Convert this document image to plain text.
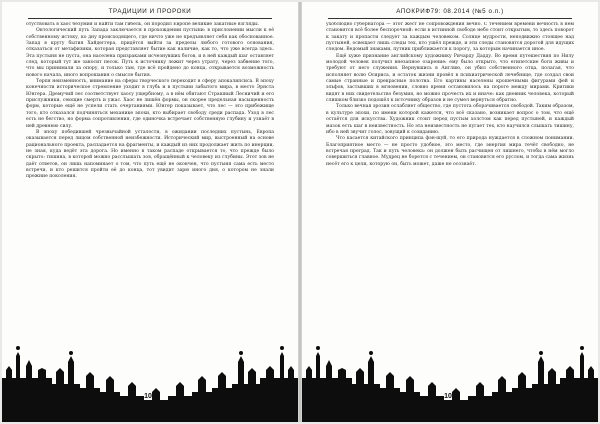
ТРАДИЦИИ И ПРОРОКИ

отуствовать в хаос безумия и найти там гибель, он породил Европе великие закатные взгляды.

Онтологический путь Запада заключается в прохождении пустыни: в прислонении мысли к её собственному истоку, ко дну происходящего, где ничто уже не предъявляет себя как обоснованное. Запад в кругу бытия Хайдеггера, придётся выйти за пределы любого готового основания, отказаться от метафизики, которая представляет бытие как наличие, как то, что уже всегда здесь. Эта пустыня не пуста, она населена призраками исчезнувших богов, и в ней каждый шаг оставляет след, который тут же заносит песок. Путь к источнику лежит через утрату, через забвение того, что мы принимали за опору, и только там, где всё пройдено до конца, открывается возможность нового начала, иного вопрошания о смысле бытия.

Терпя неизменность, внимание на сферы творческого переходит в сферу апокалипсиса. В эпоху конечности историческое стремление уходит в глубь и в пустыни забытого мира, в место Эрнста Юнгера. Дремучий лес соответствует хаосу ущербному, а в нём обитают Страшный Лесничий и его прислужники, сеющие смерть и ужас. Хаос не лишён формы, он скорее предельная насыщенность форм, которые ещё не успели стать очертаниями. Юнгер показывает, что лес — это прибежище того, кто отказался подчиняться механике эпохи, кто выбирает свободу среди распада. Уход в лес есть не бегство, но форма сопротивления, где одиночка встречает собственную глубину и узнаёт в ней древнюю силу.

В эпоху победившей чрезвычайной усталости, в ожидании последних пустынь, Европа оказывается перед лицом собственной неизбежности. Исторический мир, выстроенный на основе рационального проекта, распадается на фрагменты, и каждый из них продолжает жить по инерции, не зная, куда ведёт эта дорога. Но именно в таком распаде открывается то, что прежде было скрыто: тишина, в которой можно расслышать зов, обращённый к человеку из глубины. Этот зов не даёт ответов, он лишь напоминает о том, что путь ещё не окончен, что пустыня сама есть место встречи, и кто решится пройти её до конца, тот увидит зарю иного дня, о котором не знали прежние поколения.

106
АПОКРИФ79: 08.2014 (№5 о.п.)

ухоблюдно губернатора — этот жест не сопровождения вечно. С течением времени вечность в нем становится всё более беспорочной: если в истинной свободе небо стоит открытым, то здесь поворот к закату и пропасти следует за каждым человеком. Солнце мудрости, неподвижно стоящее над пустыней, освещает лишь следы тех, кто ушёл прежде, и эти следы становятся дорогой для идущих следом. Ведомый знаками, путник приближается к порогу, за которым начинается иное.

Ещё хуже признание английскому художнику Ричарду Дадду. Во время путешествия по Нилу молодой человек получил внезапное озарение: ему было открыто, что египетские боги живы и требуют от него служения. Вернувшись в Англию, он убил собственного отца, полагая, что исполняет волю Осириса, и остаток жизни провёл в психиатрической лечебнице, где создал свои самые странные и прекрасные полотна. Его картины населены крошечными фигурами фей и эльфов, застывших в мгновении, словно время остановилось на пороге между мирами. Критики видят в них свидетельство безумия, но можно прочесть их и иначе: как дневник человека, который слишком близко подошёл к источнику образов и не сумел вернуться обратно.

Только вечная эрозия ослабляет общество, где пустота оборачивается свободой. Таким образом, в культуре эпохи, по имени которой кажется, что всё сказано, возникает вопрос о том, что ещё остаётся для искусства. Художник стоит перед пустым холстом как перед пустыней, и каждый мазок есть шаг в неизвестность. Но эта неизвестность не пугает тех, кто научился слышать тишину, ибо в ней звучит голос, зовущий к созиданию.

Что касается китайского принципа фэн-шуй, то его природа нуждается в сложном понимании. Благоприятное место — не просто удобное, это место, где энергия мира течёт свободно, не встречая преград. Так и путь человека: он должен быть расчищен от лишнего, чтобы в нём могло совершиться главное. Мудрец не борется с течением, он становится его руслом, и тогда сама жизнь несёт его к цели, которую он, быть может, даже не осознаёт.

107
